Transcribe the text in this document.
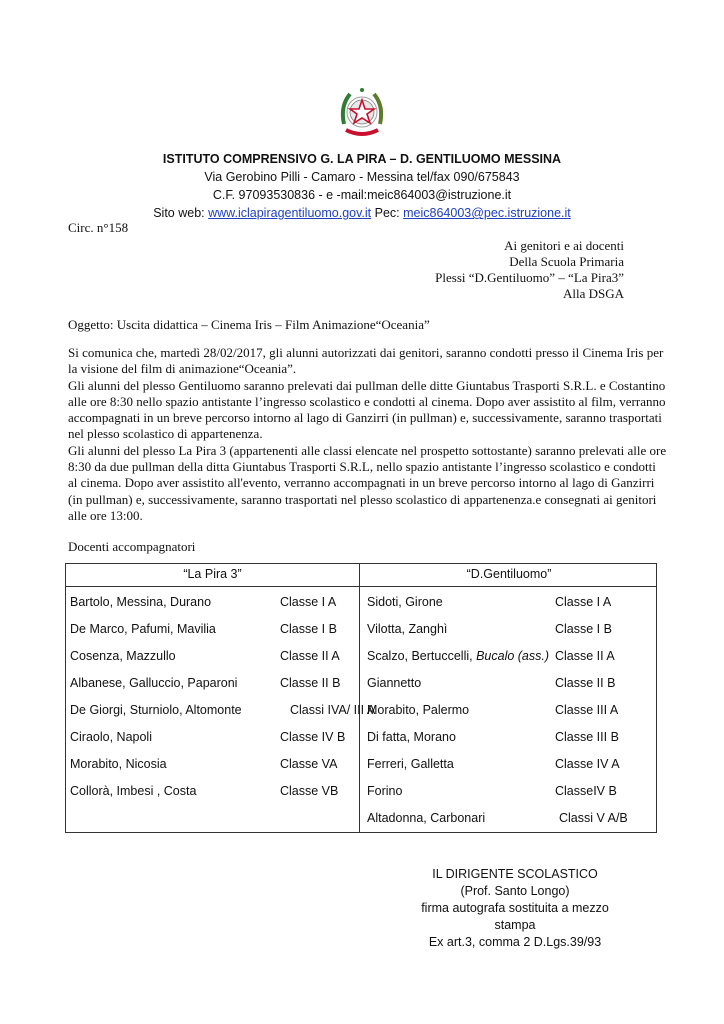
ISTITUTO COMPRENSIVO G. LA PIRA – D. GENTILUOMO MESSINA
Via Gerobino Pilli - Camaro - Messina tel/fax 090/675843
C.F. 97093530836 - e -mail:meic864003@istruzione.it
Sito web: www.iclapiragentiluomo.gov.it Pec: meic864003@pec.istruzione.it
Circ. n°158
Ai genitori e ai docenti
Della Scuola Primaria
Plessi “D.Gentiluomo” – “La Pira3”
Alla DSGA
Oggetto: Uscita didattica – Cinema Iris – Film Animazione“Oceania”

Si comunica che, martedì 28/02/2017, gli alunni autorizzati dai genitori, saranno condotti presso il Cinema Iris per la visione del film di animazione“Oceania”.

Gli alunni del plesso Gentiluomo saranno prelevati dai pullman delle ditte Giuntabus Trasporti S.R.L. e Costantino alle ore 8:30 nello spazio antistante l’ingresso scolastico e condotti al cinema. Dopo aver assistito al film, verranno accompagnati in un breve percorso intorno al lago di Ganzirri (in pullman) e, successivamente, saranno trasportati nel plesso scolastico di appartenenza.

Gli alunni del plesso La Pira 3 (appartenenti alle classi elencate nel prospetto sottostante) saranno prelevati alle ore 8:30 da due pullman della ditta Giuntabus Trasporti S.R.L, nello spazio antistante l’ingresso scolastico e condotti al cinema. Dopo aver assistito all'evento, verranno accompagnati in un breve percorso intorno al lago di Ganzirri (in pullman) e, successivamente, saranno trasportati nel plesso scolastico di appartenenza.e consegnati ai genitori alle ore 13:00.

Docenti accompagnatori
“La Pira 3”	“D.Gentiluomo”
Bartolo, Messina, Durano	Classe I A
De Marco, Pafumi, Mavilia	Classe I B
Cosenza, Mazzullo	Classe II A
Albanese, Galluccio, Paparoni	Classe II B
De Giorgi, Sturniolo, Altomonte	Classi IVA/ III A
Ciraolo, Napoli	Classe IV B
Morabito, Nicosia	Classe VA
Collorà, Imbesi , Costa	Classe VB
Sidoti, Girone	Classe I A
Vilotta, Zanghì	Classe I B
Scalzo, Bertuccelli, Bucalo (ass.) Classe II A
Giannetto	Classe II B
Morabito, Palermo	Classe III A
Di fatta, Morano	Classe III B
Ferreri, Galletta	Classe IV A
Forino	ClasseIV B
Altadonna, Carbonari	Classi V A/B
IL DIRIGENTE SCOLASTICO
(Prof. Santo Longo)
firma autografa sostituita a mezzo stampa
Ex art.3, comma 2 D.Lgs.39/93
